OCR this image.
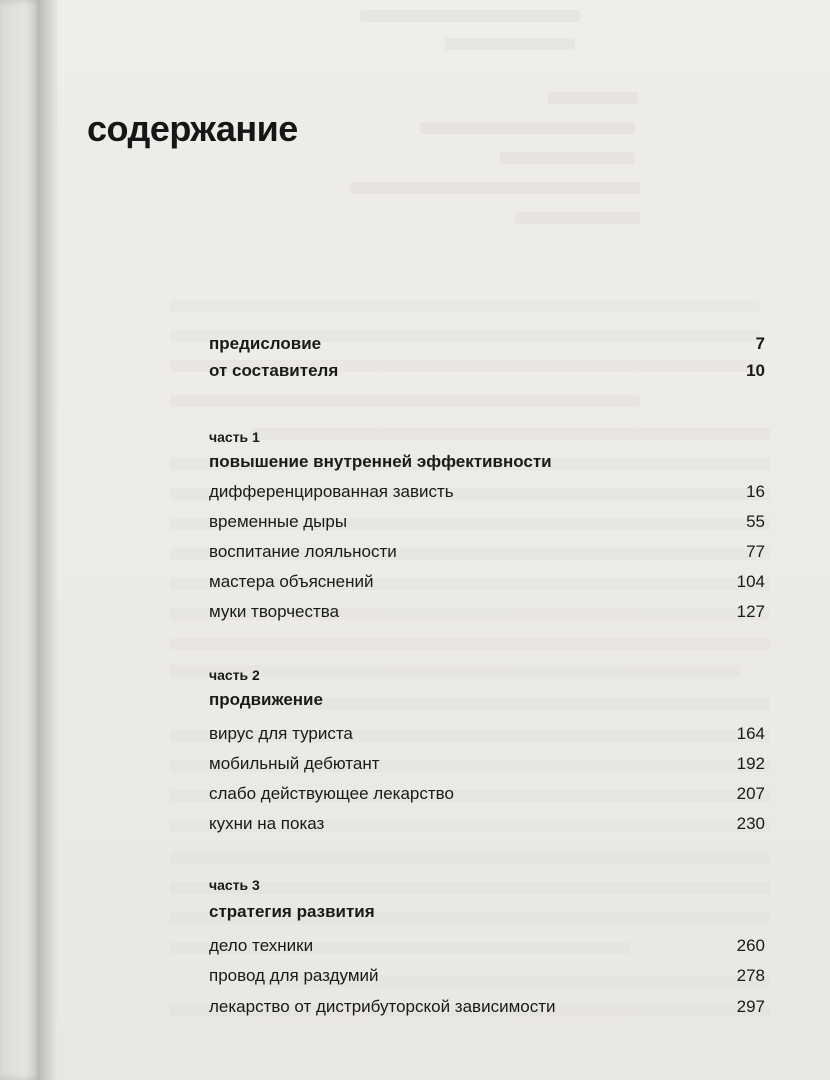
содержание
предисловие	7
от составителя	10
часть 1
повышение внутренней эффективности
дифференцированная зависть	16
временные дыры	55
воспитание лояльности	77
мастера объяснений	104
муки творчества	127
часть 2
продвижение
вирус для туриста	164
мобильный дебютант	192
слабо действующее лекарство	207
кухни на показ	230
часть 3
стратегия развития
дело техники	260
провод для раздумий	278
лекарство от дистрибуторской зависимости	297
